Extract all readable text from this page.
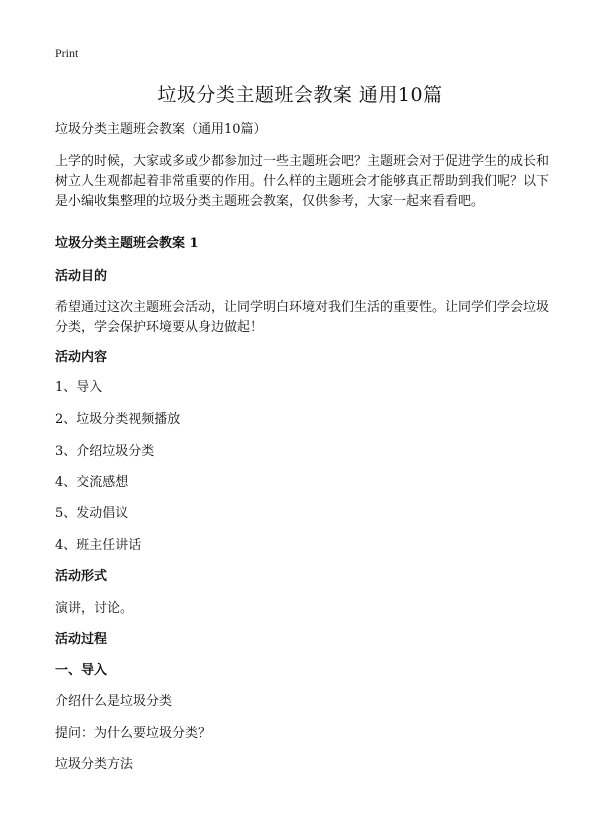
Print
垃圾分类主题班会教案 通用10篇

垃圾分类主题班会教案（通用10篇）

上学的时候，大家或多或少都参加过一些主题班会吧？主题班会对于促进学生的成长和树立人生观都起着非常重要的作用。什么样的主题班会才能够真正帮助到我们呢？以下是小编收集整理的垃圾分类主题班会教案，仅供参考，大家一起来看看吧。

垃圾分类主题班会教案 1

活动目的

希望通过这次主题班会活动，让同学明白环境对我们生活的重要性。让同学们学会垃圾分类，学会保护环境要从身边做起！

活动内容

1、导入

2、垃圾分类视频播放

3、介绍垃圾分类

4、交流感想

5、发动倡议

4、班主任讲话

活动形式

演讲，讨论。

活动过程

一、导入

介绍什么是垃圾分类

提问：为什么要垃圾分类？

垃圾分类方法
